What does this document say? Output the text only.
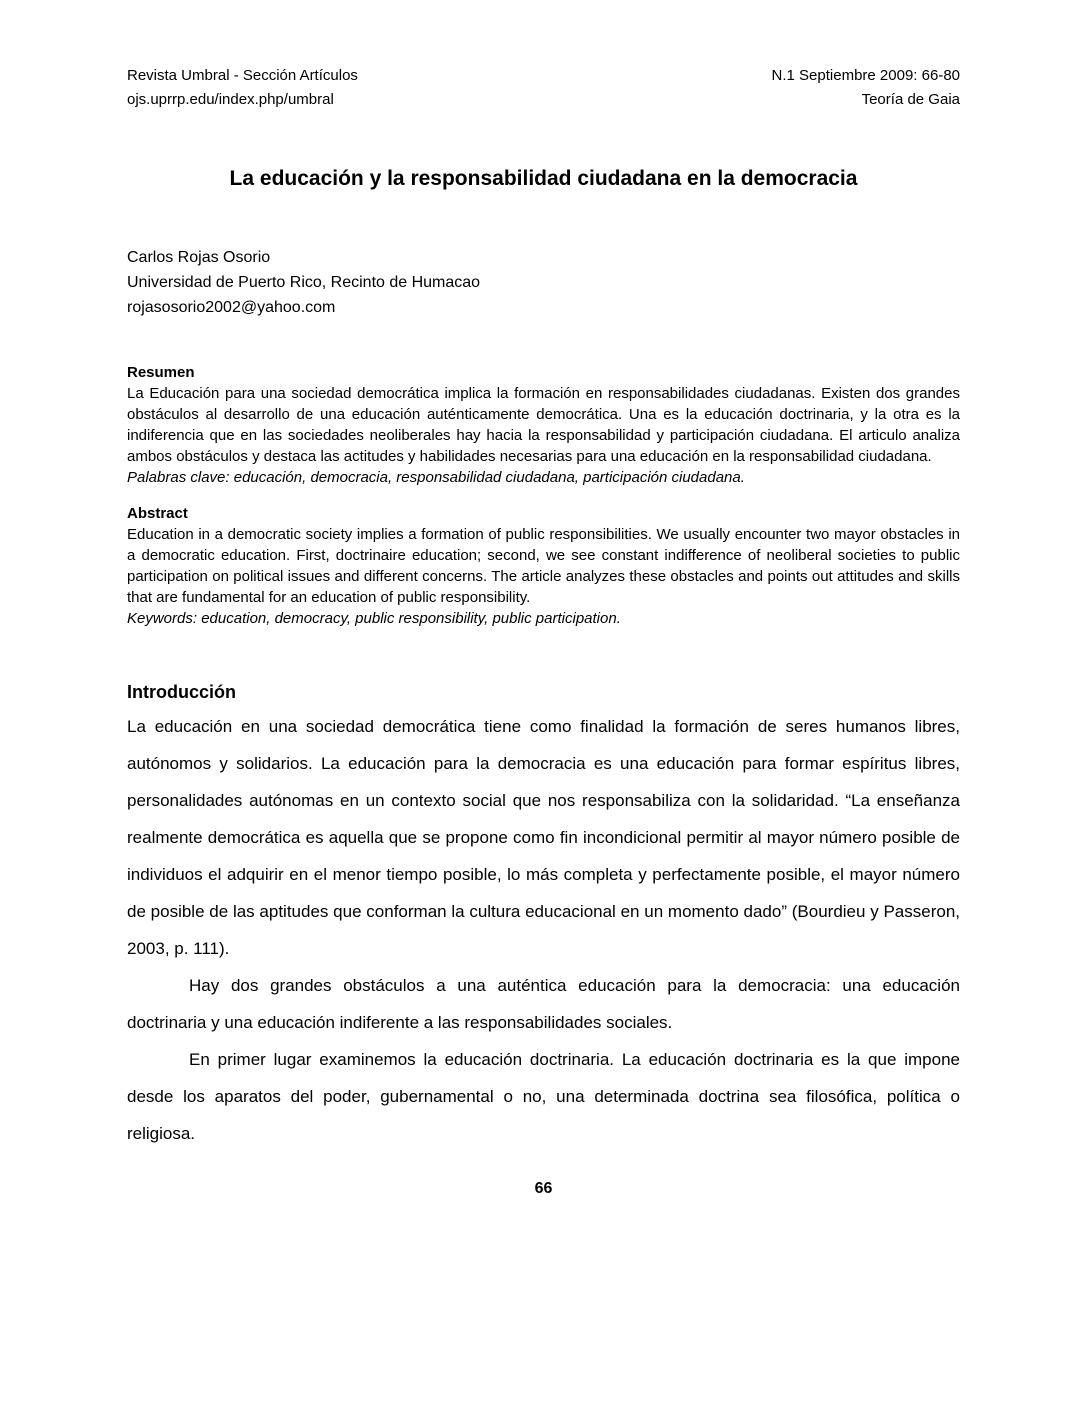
Revista Umbral - Sección Artículos
ojs.uprrp.edu/index.php/umbral
N.1 Septiembre 2009: 66-80
Teoría de Gaia
La educación y la responsabilidad ciudadana en la democracia
Carlos Rojas Osorio
Universidad de Puerto Rico, Recinto de Humacao
rojasosorio2002@yahoo.com
Resumen

La Educación para una sociedad democrática implica la formación en responsabilidades ciudadanas. Existen dos grandes obstáculos al desarrollo de una educación auténticamente democrática. Una es la educación doctrinaria, y la otra es la indiferencia que en las sociedades neoliberales hay hacia la responsabilidad y participación ciudadana. El articulo analiza ambos obstáculos y destaca las actitudes y habilidades necesarias para una educación en la responsabilidad ciudadana.

Palabras clave: educación, democracia, responsabilidad ciudadana, participación ciudadana.

Abstract

Education in a democratic society implies a formation of public responsibilities. We usually encounter two mayor obstacles in a democratic education. First, doctrinaire education; second, we see constant indifference of neoliberal societies to public participation on political issues and different concerns. The article analyzes these obstacles and points out attitudes and skills that are fundamental for an education of public responsibility.

Keywords: education, democracy, public responsibility, public participation.

Introducción

La educación en una sociedad democrática tiene como finalidad la formación de seres humanos libres, autónomos y solidarios. La educación para la democracia es una educación para formar espíritus libres, personalidades autónomas en un contexto social que nos responsabiliza con la solidaridad. “La enseñanza realmente democrática es aquella que se propone como fin incondicional permitir al mayor número posible de individuos el adquirir en el menor tiempo posible, lo más completa y perfectamente posible, el mayor número de posible de las aptitudes que conforman la cultura educacional en un momento dado” (Bourdieu y Passeron, 2003, p. 111).

Hay dos grandes obstáculos a una auténtica educación para la democracia: una educación doctrinaria y una educación indiferente a las responsabilidades sociales.

En primer lugar examinemos la educación doctrinaria. La educación doctrinaria es la que impone desde los aparatos del poder, gubernamental o no, una determinada doctrina sea filosófica, política o religiosa.

66
